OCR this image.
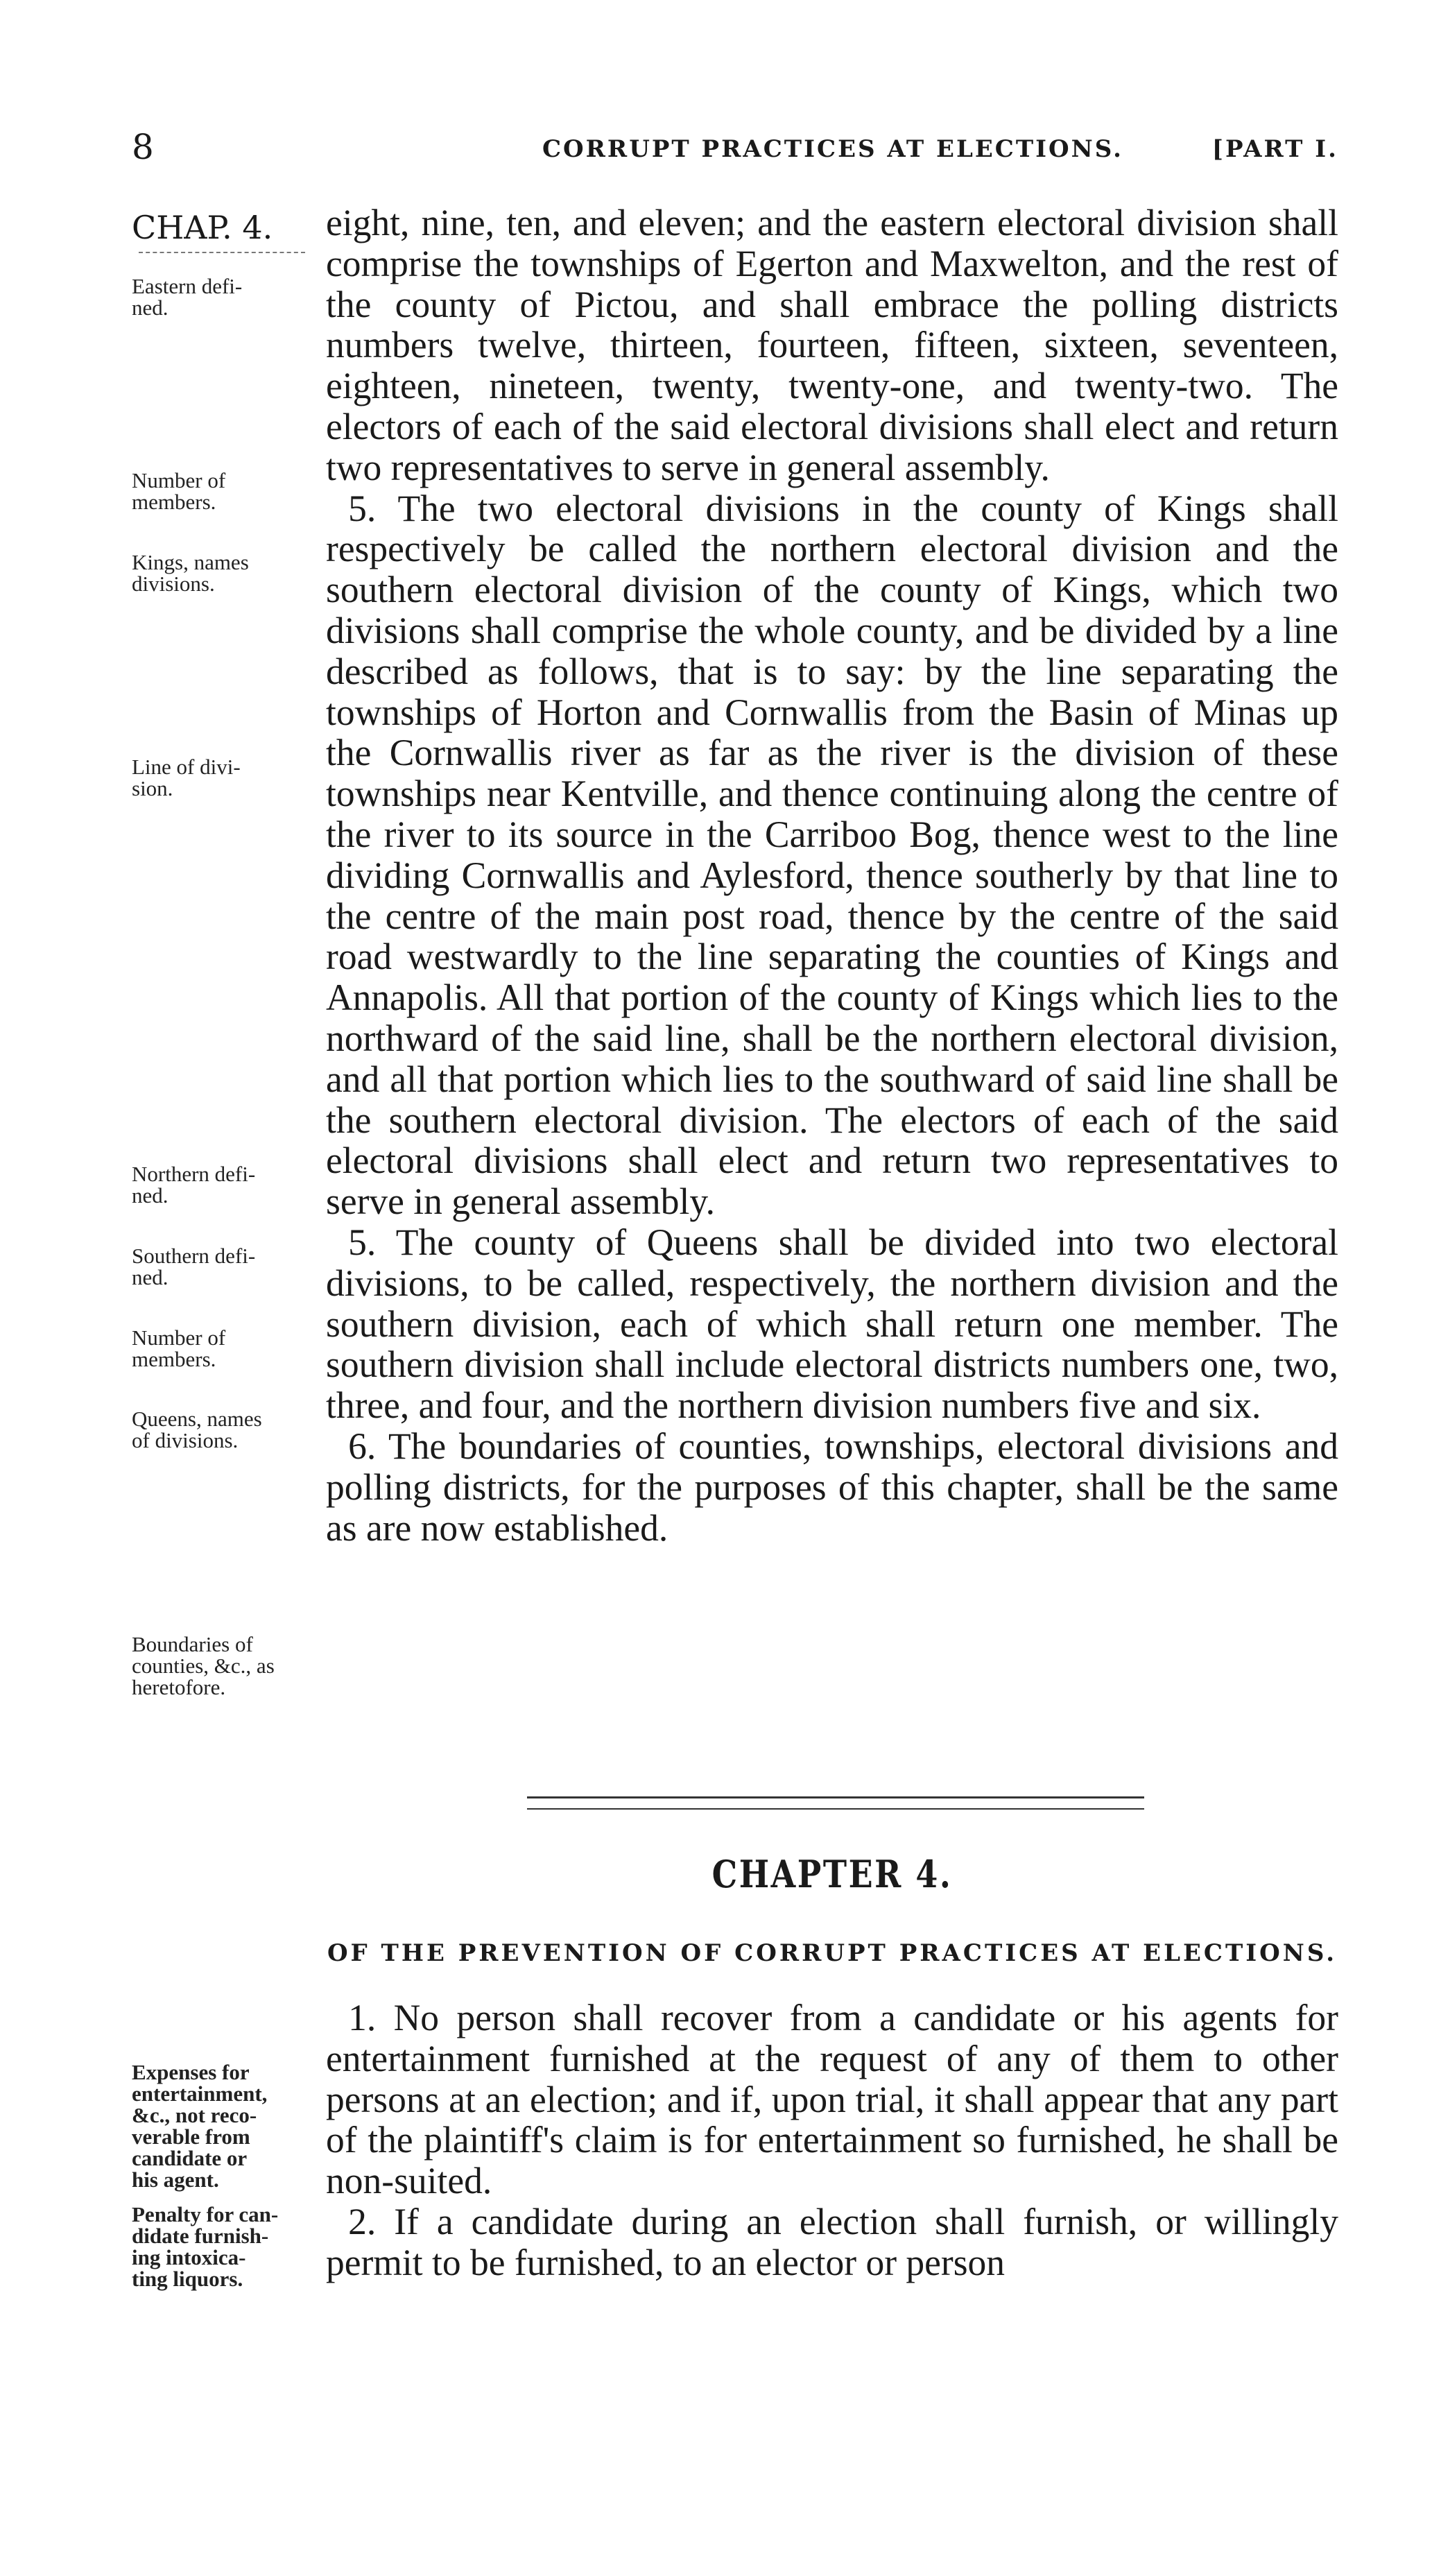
8	CORRUPT PRACTICES AT ELECTIONS.	[PART I.
CHAP. 4. eight, nine, ten, and eleven; and the eastern electoral division shall comprise the townships of Egerton and Maxwelton, and the rest of the county of Pictou, and shall embrace the polling districts numbers twelve, thirteen, fourteen, fifteen, sixteen, seventeen, eighteen, nineteen, twenty, twenty-one, and twenty-two. The electors of each of the said electoral divisions shall elect and return two representatives to serve in general assembly.

5. The two electoral divisions in the county of Kings shall respectively be called the northern electoral division and the southern electoral division of the county of Kings, which two divisions shall comprise the whole county, and be divided by a line described as follows, that is to say: by the line separating the townships of Horton and Cornwallis from the Basin of Minas up the Cornwallis river as far as the river is the division of these townships near Kentville, and thence continuing along the centre of the river to its source in the Carriboo Bog, thence west to the line dividing Cornwallis and Aylesford, thence southerly by that line to the centre of the main post road, thence by the centre of the said road westwardly to the line separating the counties of Kings and Annapolis. All that portion of the county of Kings which lies to the northward of the said line, shall be the northern electoral division, and all that portion which lies to the southward of said line shall be the southern electoral division. The electors of each of the said electoral divisions shall elect and return two representatives to serve in general assembly.

5. The county of Queens shall be divided into two electoral divisions, to be called, respectively, the northern division and the southern division, each of which shall return one member. The southern division shall include electoral districts numbers one, two, three, and four, and the northern division numbers five and six.

6. The boundaries of counties, townships, electoral divisions and polling districts, for the purposes of this chapter, shall be the same as are now established.

Eastern defi-
ned.
Number of
members.
Kings, names
divisions.
Line of divi-
sion.
Northern defi-
ned.
Southern defi-
ned.
Number of
members.
Queens, names
of divisions.
Boundaries of
counties, &c., as
heretofore.
CHAPTER 4.
OF THE PREVENTION OF CORRUPT PRACTICES AT ELECTIONS.

1. No person shall recover from a candidate or his agents for entertainment furnished at the request of any of them to other persons at an election; and if, upon trial, it shall appear that any part of the plaintiff's claim is for entertainment so furnished, he shall be non-suited.

2. If a candidate during an election shall furnish, or willingly permit to be furnished, to an elector or person

Expenses for
entertainment,
&c., not reco-
verable from
candidate or
his agent.
Penalty for can-
didate furnish-
ing intoxica-
ting liquors.
